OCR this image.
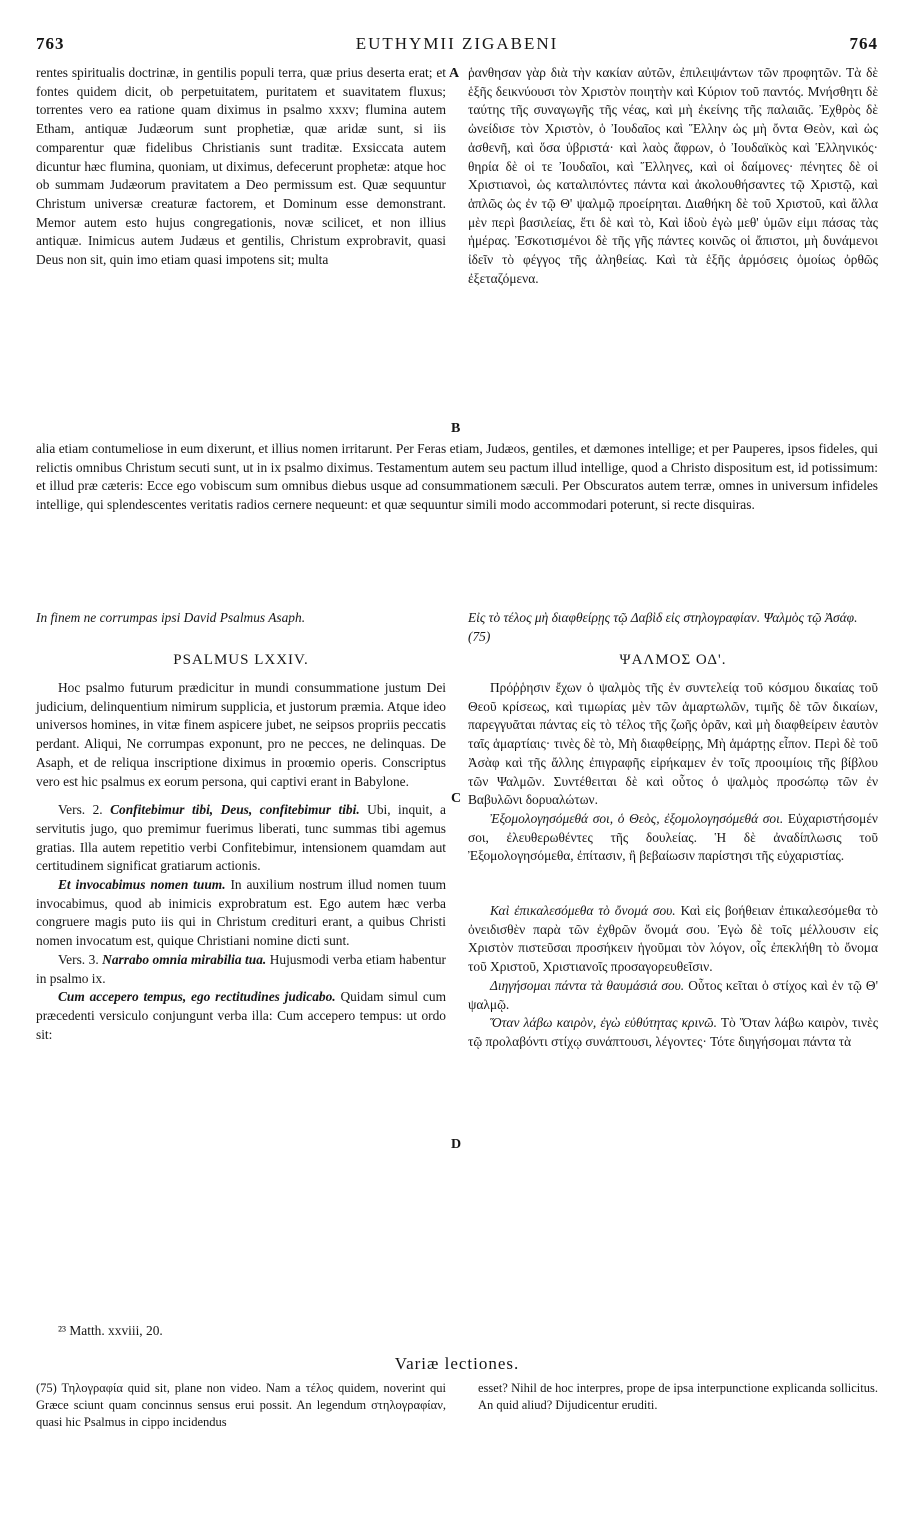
763	EUTHYMII ZIGABENI	764

rentes spiritualis doctrinæ, in gentilis populi terra, quæ prius deserta erat; et fontes quidem dicit, ob perpetuitatem, puritatem et suavitatem fluxus; torrentes vero ea ratione quam diximus in psalmo xxxv; flumina autem Etham, antiquæ Judæorum sunt prophetiæ, quæ aridæ sunt, si iis comparentur quæ fidelibus Christianis sunt traditæ. Exsiccata autem dicuntur hæc flumina, quoniam, ut diximus, defecerunt prophetæ: atque hoc ob summam Judæorum pravitatem a Deo permissum est. Quæ sequuntur Christum universæ creaturæ factorem, et Dominum esse demonstrant. Memor autem esto hujus congregationis, novæ scilicet, et non illius antiquæ. Inimicus autem Judæus et gentilis, Christum exprobravit, quasi Deus non sit, quin imo etiam quasi impotens sit; multa

A ῥανθησαν γὰρ διὰ τὴν κακίαν αὐτῶν, ἐπιλειψάντων τῶν προφητῶν. Τὰ δὲ ἑξῆς δεικνύουσι τὸν Χριστὸν ποιητὴν καὶ Κύριον τοῦ παντός. Μνήσθητι δὲ ταύτης τῆς συναγωγῆς τῆς νέας, καὶ μὴ ἐκείνης τῆς παλαιᾶς. Ἐχθρὸς δὲ ὠνείδισε τὸν Χριστὸν, ὁ Ἰουδαῖος καὶ Ἕλλην ὡς μὴ ὄντα Θεὸν, καὶ ὡς ἀσθενῆ, καὶ ὅσα ὑβριστά· καὶ λαὸς ἄφρων, ὁ Ἰουδαϊκὸς καὶ Ἑλληνικός· θηρία δὲ οἱ τε Ἰουδαῖοι, καὶ Ἕλληνες, καὶ οἱ δαίμονες· πένητες δὲ οἱ Χριστιανοὶ, ὡς καταλιπόντες πάντα καὶ ἀκολουθήσαντες τῷ Χριστῷ, καὶ ἁπλῶς ὡς ἐν τῷ Θ' ψαλμῷ προείρηται. Διαθήκη δὲ τοῦ Χριστοῦ, καὶ ἄλλα μὲν περὶ βασιλείας, ἔτι δὲ καὶ τὸ, Καὶ ἰδοὺ ἐγὼ μεθ' ὑμῶν εἰμι πάσας τὰς ἡμέρας. Ἐσκοτισμένοι δὲ τῆς γῆς πάντες κοινῶς οἱ ἄπιστοι, μὴ δυνάμενοι ἰδεῖν τὸ φέγγος τῆς ἀληθείας. Καὶ τὰ ἑξῆς ἁρμόσεις ὁμοίως ὀρθῶς ἐξεταζόμενα.

B

alia etiam contumeliose in eum dixerunt, et illius nomen irritarunt. Per Feras etiam, Judæos, gentiles, et dæmones intellige; et per Pauperes, ipsos fideles, qui relictis omnibus Christum secuti sunt, ut in ix psalmo diximus. Testamentum autem seu pactum illud intellige, quod a Christo dispositum est, id potissimum: et illud præ cæteris: Ecce ego vobiscum sum omnibus diebus usque ad consummationem sæculi. Per Obscuratos autem terræ, omnes in universum infideles intellige, qui splendescentes veritatis radios cernere nequeunt: et quæ sequuntur simili modo accommodari poterunt, si recte disquiras.

In finem ne corrumpas ipsi David Psalmus Asaph.	Εἰς τὸ τέλος μὴ διαφθείρῃς τῷ Δαβὶδ εἰς στηλογραφίαν. Ψαλμὸς τῷ Ἀσάφ. (75)
PSALMUS LXXIV.	ΨΑΛΜΟΣ ΟΔ'.

Hoc psalmo futurum prædicitur in mundi consummatione justum Dei judicium, delinquentium nimirum supplicia, et justorum præmia. Atque ideo universos homines, in vitæ finem aspicere jubet, ne seipsos propriis peccatis perdant. Aliqui, Ne corrumpas exponunt, pro ne pecces, ne delinquas. De Asaph, et de reliqua inscriptione diximus in proœmio operis. Conscriptus vero est hic psalmus ex eorum persona, qui captivi erant in Babylone.

Vers. 2. Confitebimur tibi, Deus, confitebimur tibi. Ubi, inquit, a servitutis jugo, quo premimur fuerimus liberati, tunc summas tibi agemus gratias. Illa autem repetitio verbi Confitebimur, intensionem quamdam aut certitudinem significat gratiarum actionis.

Et invocabimus nomen tuum. In auxilium nostrum illud nomen tuum invocabimus, quod ab inimicis exprobratum est. Ego autem hæc verba congruere magis puto iis qui in Christum credituri erant, a quibus Christi nomen invocatum est, quique Christiani nomine dicti sunt.

Vers. 3. Narrabo omnia mirabilia tua. Hujusmodi verba etiam habentur in psalmo ix.

Cum accepero tempus, ego rectitudines judicabo. Quidam simul cum præcedenti versiculo conjungunt verba illa: Cum accepero tempus: ut ordo sit:

C
D

Πρόῤῥησιν ἔχων ὁ ψαλμὸς τῆς ἐν συντελείᾳ τοῦ κόσμου δικαίας τοῦ Θεοῦ κρίσεως, καὶ τιμωρίας μὲν τῶν ἁμαρτωλῶν, τιμῆς δὲ τῶν δικαίων, παρεγγυᾶται πάντας εἰς τὸ τέλος τῆς ζωῆς ὁρᾶν, καὶ μὴ διαφθείρειν ἑαυτὸν ταῖς ἁμαρτίαις· τινὲς δὲ τὸ, Μὴ διαφθείρῃς, Μὴ ἁμάρτῃς εἶπον. Περὶ δὲ τοῦ Ἀσὰφ καὶ τῆς ἄλλης ἐπιγραφῆς εἰρήκαμεν ἐν τοῖς προοιμίοις τῆς βίβλου τῶν Ψαλμῶν. Συντέθειται δὲ καὶ οὗτος ὁ ψαλμὸς προσώπῳ τῶν ἐν Βαβυλῶνι δορυαλώτων.

Ἐξομολογησόμεθά σοι, ὁ Θεὸς, ἐξομολογησόμεθά σοι. Εὐχαριστήσομέν σοι, ἐλευθερωθέντες τῆς δουλείας. Ἡ δὲ ἀναδίπλωσις τοῦ Ἐξομολογησόμεθα, ἐπίτασιν, ἢ βεβαίωσιν παρίστησι τῆς εὐχαριστίας.

Καὶ ἐπικαλεσόμεθα τὸ ὄνομά σου. Καὶ εἰς βοήθειαν ἐπικαλεσόμεθα τὸ ὀνειδισθὲν παρὰ τῶν ἐχθρῶν ὄνομά σου. Ἐγὼ δὲ τοῖς μέλλουσιν εἰς Χριστὸν πιστεῦσαι προσήκειν ἡγοῦμαι τὸν λόγον, οἷς ἐπεκλήθη τὸ ὄνομα τοῦ Χριστοῦ, Χριστιανοῖς προσαγορευθεῖσιν.

Διηγήσομαι πάντα τὰ θαυμάσιά σου. Οὗτος κεῖται ὁ στίχος καὶ ἐν τῷ Θ' ψαλμῷ.

Ὅταν λάβω καιρὸν, ἐγὼ εὐθύτητας κρινῶ. Τὸ Ὅταν λάβω καιρὸν, τινὲς τῷ προλαβόντι στίχῳ συνάπτουσι, λέγοντες· Τότε διηγήσομαι πάντα τὰ

²³ Matth. xxviii, 20.
Variæ lectiones.
(75) Τηλογραφία quid sit, plane non video. Nam a τέλος quidem, noverint qui Græce sciunt quam concinnus sensus erui possit. An legendum στηλογραφίαν, quasi hic Psalmus in cippo incidendus
esset? Nihil de hoc interpres, prope de ipsa interpunctione explicanda sollicitus. An quid aliud? Dijudicentur eruditi.
